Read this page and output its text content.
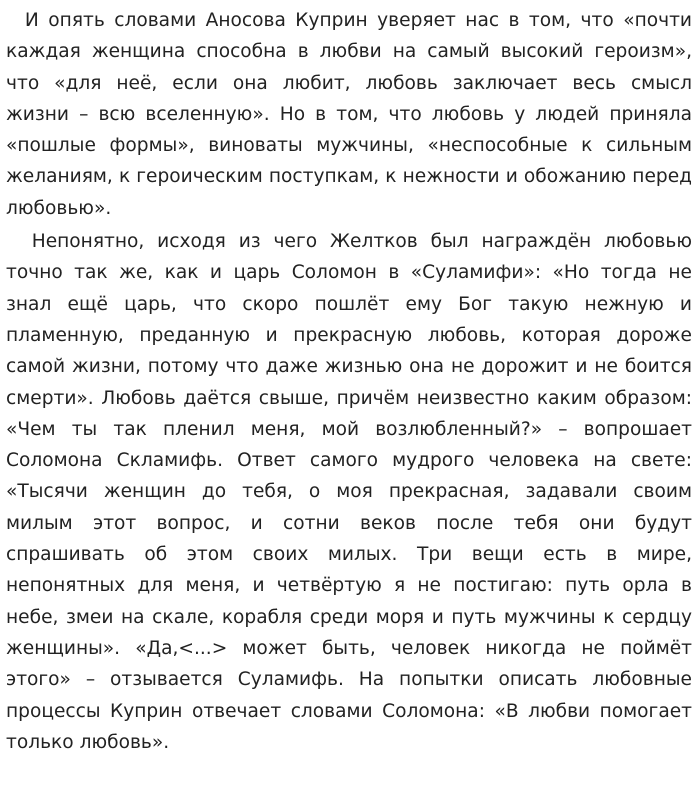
И опять словами Аносова Куприн уверяет нас в том, что «почти
каждая женщина способна в любви на самый высокий героизм»,
что «для неё, если она любит, любовь заключает весь смысл
жизни – всю вселенную». Но в том, что любовь у людей приняла
«пошлые формы», виноваты мужчины, «неспособные к сильным
желаниям, к героическим поступкам, к нежности и обожанию перед
любовью».
Непонятно, исходя из чего Желтков был награждён любовью
точно так же, как и царь Соломон в «Суламифи»: «Но тогда не
знал ещё царь, что скоро пошлёт ему Бог такую нежную и
пламенную, преданную и прекрасную любовь, которая дороже
самой жизни, потому что даже жизнью она не дорожит и не боится
смерти». Любовь даётся свыше, причём неизвестно каким образом:
«Чем ты так пленил меня, мой возлюбленный?» – вопрошает
Соломона Скламифь. Ответ самого мудрого человека на свете:
«Тысячи женщин до тебя, о моя прекрасная, задавали своим
милым этот вопрос, и сотни веков после тебя они будут
спрашивать об этом своих милых. Три вещи есть в мире,
непонятных для меня, и четвёртую я не постигаю: путь орла в
небе, змеи на скале, корабля среди моря и путь мужчины к сердцу
женщины». «Да,<...> может быть, человек никогда не поймёт
этого» – отзывается Суламифь. На попытки описать любовные
процессы Куприн отвечает словами Соломона: «В любви помогает
только любовь».
